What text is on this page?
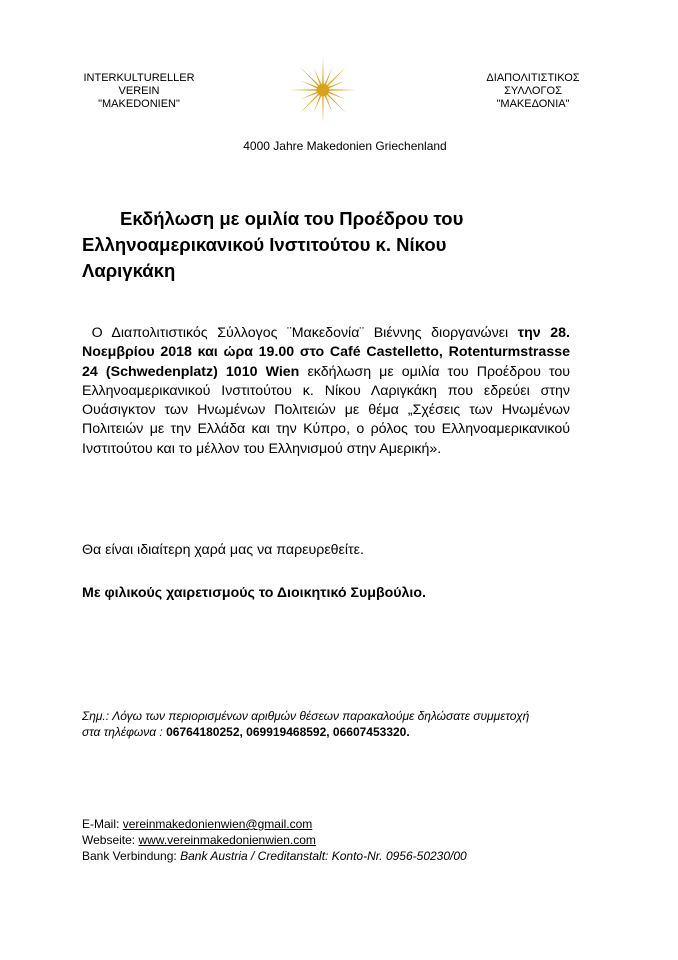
INTERKULTURELLER
VEREIN
"MAKEDONIEN"
ΔΙΑΠΟΛΙΤΙΣΤΙΚΟΣ
ΣΥΛΛΟΓΟΣ
"ΜΑΚΕΔΟΝΙΑ"
4000 Jahre Makedonien Griechenland
Εκδήλωση με ομιλία του Προέδρου του
Ελληνοαμερικανικού Ινστιτούτου κ. Νίκου
Λαριγκάκη
Ο Διαπολιτιστικός Σύλλογος ¨Μακεδονία¨ Βιέννης διοργανώνει την 28. Νοεμβρίου 2018 και ώρα 19.00 στο Café Castelletto, Rotenturmstrasse 24 (Schwedenplatz) 1010 Wien εκδήλωση με ομιλία του Προέδρου του Ελληνοαμερικανικού Ινστιτούτου κ. Νίκου Λαριγκάκη που εδρεύει στην Ουάσιγκτον των Ηνωμένων Πολιτειών με θέμα „Σχέσεις των Ηνωμένων Πολιτειών με την Ελλάδα και την Κύπρο, ο ρόλος του Ελληνοαμερικανικού Ινστιτούτου και το μέλλον του Ελληνισμού στην Αμερική».
Θα είναι ιδιαίτερη χαρά μας να παρευρεθείτε.
Με φιλικούς χαιρετισμούς το Διοικητικό Συμβούλιο.
Σημ.: Λόγω των περιορισμένων αριθμών θέσεων παρακαλούμε δηλώσατε συμμετοχή
στα τηλέφωνα : 06764180252, 069919468592, 06607453320.
E-Mail: vereinmakedonienwien@gmail.com
Webseite: www.vereinmakedonienwien.com
Bank Verbindung: Bank Austria / Creditanstalt: Konto-Nr. 0956-50230/00
